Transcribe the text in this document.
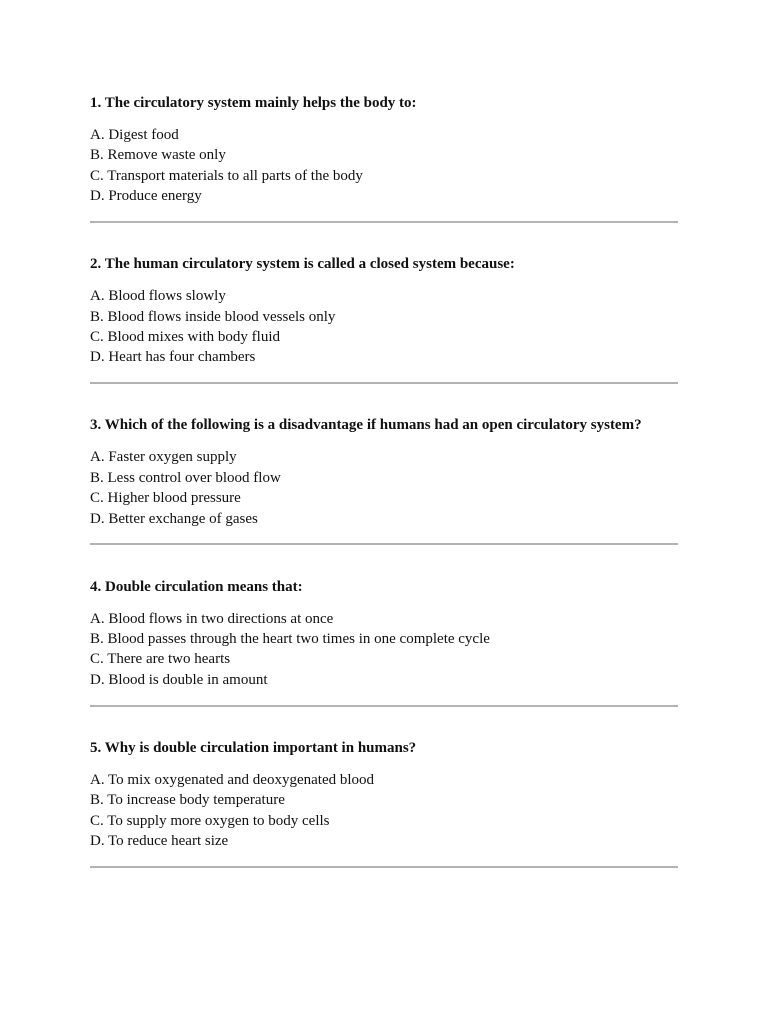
1. The circulatory system mainly helps the body to:

A. Digest food
B. Remove waste only
C. Transport materials to all parts of the body
D. Produce energy

2. The human circulatory system is called a closed system because:

A. Blood flows slowly
B. Blood flows inside blood vessels only
C. Blood mixes with body fluid
D. Heart has four chambers

3. Which of the following is a disadvantage if humans had an open circulatory system?

A. Faster oxygen supply
B. Less control over blood flow
C. Higher blood pressure
D. Better exchange of gases

4. Double circulation means that:

A. Blood flows in two directions at once
B. Blood passes through the heart two times in one complete cycle
C. There are two hearts
D. Blood is double in amount

5. Why is double circulation important in humans?

A. To mix oxygenated and deoxygenated blood
B. To increase body temperature
C. To supply more oxygen to body cells
D. To reduce heart size
